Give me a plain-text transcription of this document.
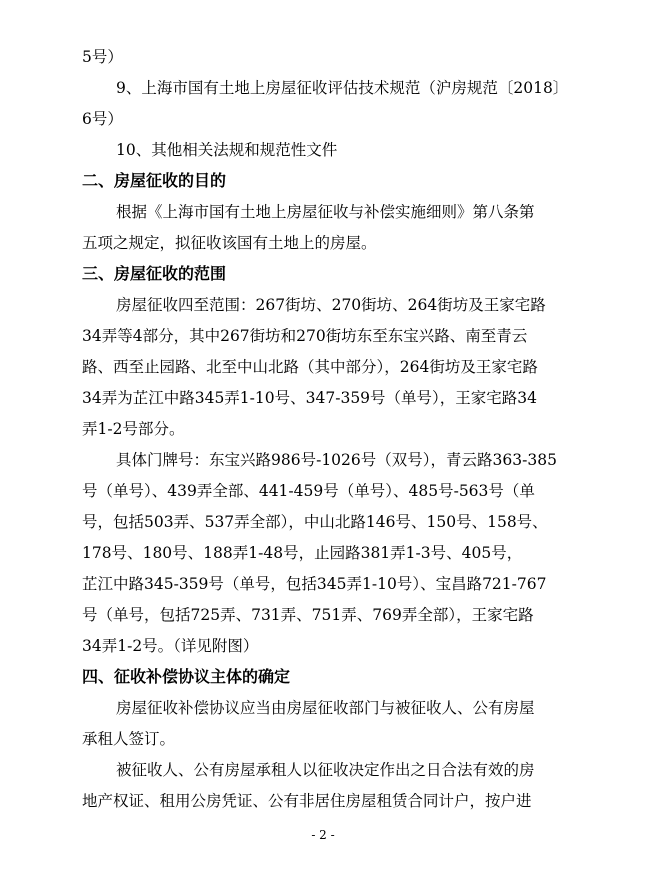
5号）
9、上海市国有土地上房屋征收评估技术规范（沪房规范〔2018〕
6号）
10、其他相关法规和规范性文件
二、房屋征收的目的
根据《上海市国有土地上房屋征收与补偿实施细则》第八条第
五项之规定，拟征收该国有土地上的房屋。
三、房屋征收的范围
房屋征收四至范围：267街坊、270街坊、264街坊及王家宅路
34弄等4部分，其中267街坊和270街坊东至东宝兴路、南至青云
路、西至止园路、北至中山北路（其中部分），264街坊及王家宅路
34弄为芷江中路345弄1-10号、347-359号（单号），王家宅路34
弄1-2号部分。
具体门牌号：东宝兴路986号-1026号（双号），青云路363-385
号（单号）、439弄全部、441-459号（单号）、485号-563号（单
号，包括503弄、537弄全部），中山北路146号、150号、158号、
178号、180号、188弄1-48号，止园路381弄1-3号、405号，
芷江中路345-359号（单号，包括345弄1-10号）、宝昌路721-767
号（单号，包括725弄、731弄、751弄、769弄全部），王家宅路
34弄1-2号。（详见附图）
四、征收补偿协议主体的确定
房屋征收补偿协议应当由房屋征收部门与被征收人、公有房屋
承租人签订。
被征收人、公有房屋承租人以征收决定作出之日合法有效的房
地产权证、租用公房凭证、公有非居住房屋租赁合同计户，按户进
- 2 -
